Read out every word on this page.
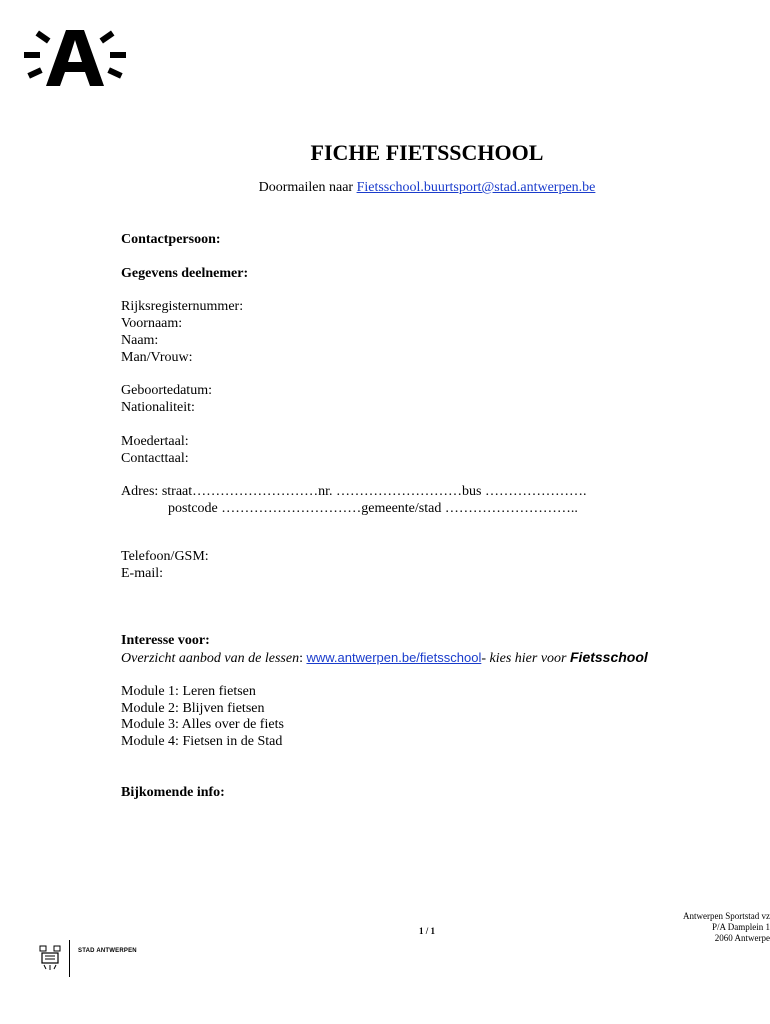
FICHE FIETSSCHOOL
Doormailen naar Fietsschool.buurtsport@stad.antwerpen.be
Contactpersoon:
Gegevens deelnemer:
Rijksregisternummer:
Voornaam:
Naam:
Man/Vrouw:
Geboortedatum:
Nationaliteit:
Moedertaal:
Contacttaal:
Adres: straat………………………nr. ………………………bus ………………….
postcode …………………………gemeente/stad ………………………..
Telefoon/GSM:
E-mail:
Interesse voor:
Overzicht aanbod van de lessen: www.antwerpen.be/fietsschool- kies hier voor Fietsschool
Module 1: Leren fietsen
Module 2: Blijven fietsen
Module 3: Alles over de fiets
Module 4: Fietsen in de Stad
Bijkomende info:
1 / 1
Antwerpen Sportstad vz
P/A Damplein 1
2060 Antwerpe
STAD ANTWERPEN
